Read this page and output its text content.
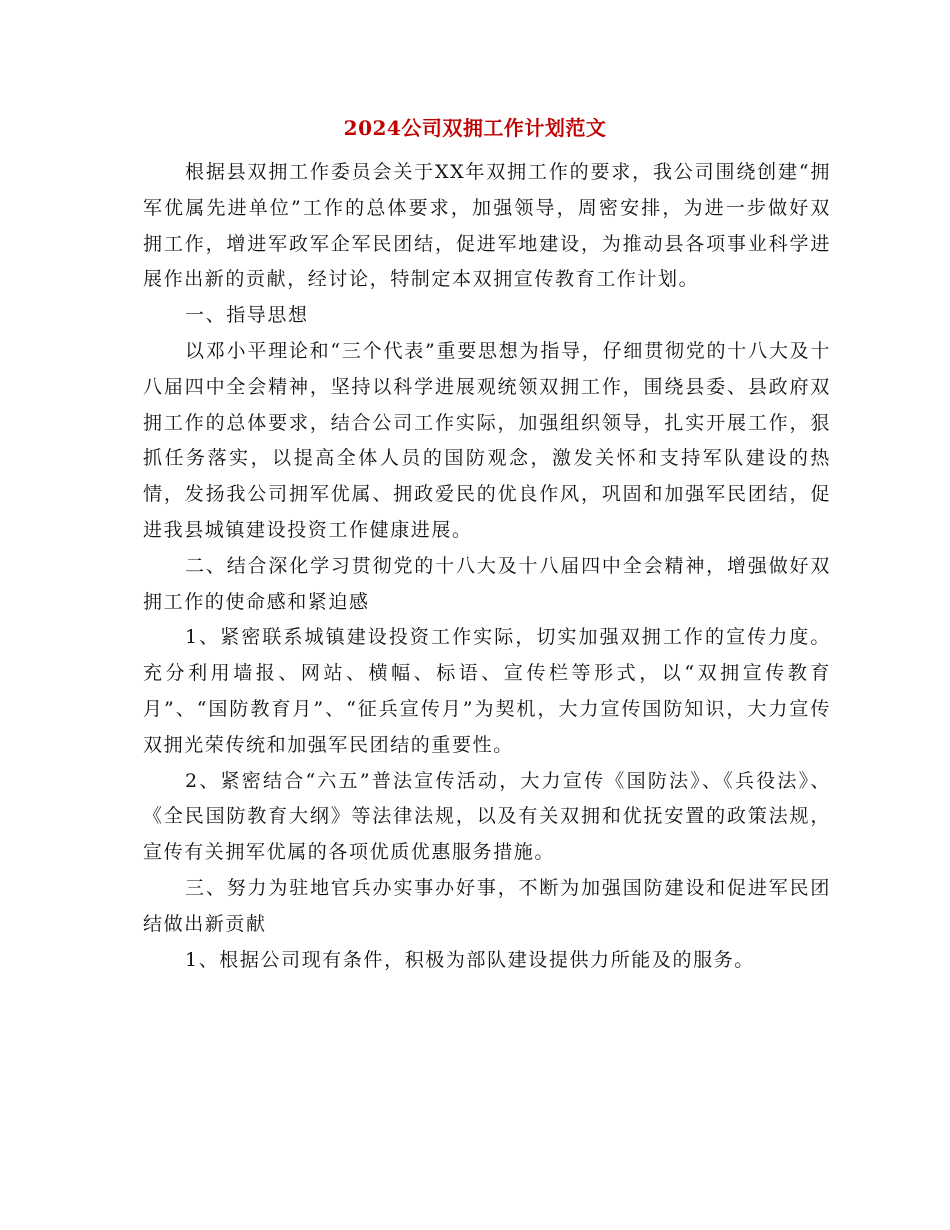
2024公司双拥工作计划范文

根据县双拥工作委员会关于XX年双拥工作的要求，我公司围绕创建“拥军优属先进单位”工作的总体要求，加强领导，周密安排，为进一步做好双拥工作，增进军政军企军民团结，促进军地建设，为推动县各项事业科学进展作出新的贡献，经讨论，特制定本双拥宣传教育工作计划。

一、指导思想

以邓小平理论和“三个代表”重要思想为指导，仔细贯彻党的十八大及十八届四中全会精神，坚持以科学进展观统领双拥工作，围绕县委、县政府双拥工作的总体要求，结合公司工作实际，加强组织领导，扎实开展工作，狠抓任务落实，以提高全体人员的国防观念，激发关怀和支持军队建设的热情，发扬我公司拥军优属、拥政爱民的优良作风，巩固和加强军民团结，促进我县城镇建设投资工作健康进展。

二、结合深化学习贯彻党的十八大及十八届四中全会精神，增强做好双拥工作的使命感和紧迫感

1、紧密联系城镇建设投资工作实际，切实加强双拥工作的宣传力度。充分利用墙报、网站、横幅、标语、宣传栏等形式，以“双拥宣传教育月”、“国防教育月”、“征兵宣传月”为契机，大力宣传国防知识，大力宣传双拥光荣传统和加强军民团结的重要性。

2、紧密结合“六五”普法宣传活动，大力宣传《国防法》、《兵役法》、《全民国防教育大纲》等法律法规，以及有关双拥和优抚安置的政策法规，宣传有关拥军优属的各项优质优惠服务措施。

三、努力为驻地官兵办实事办好事，不断为加强国防建设和促进军民团结做出新贡献

1、根据公司现有条件，积极为部队建设提供力所能及的服务。
